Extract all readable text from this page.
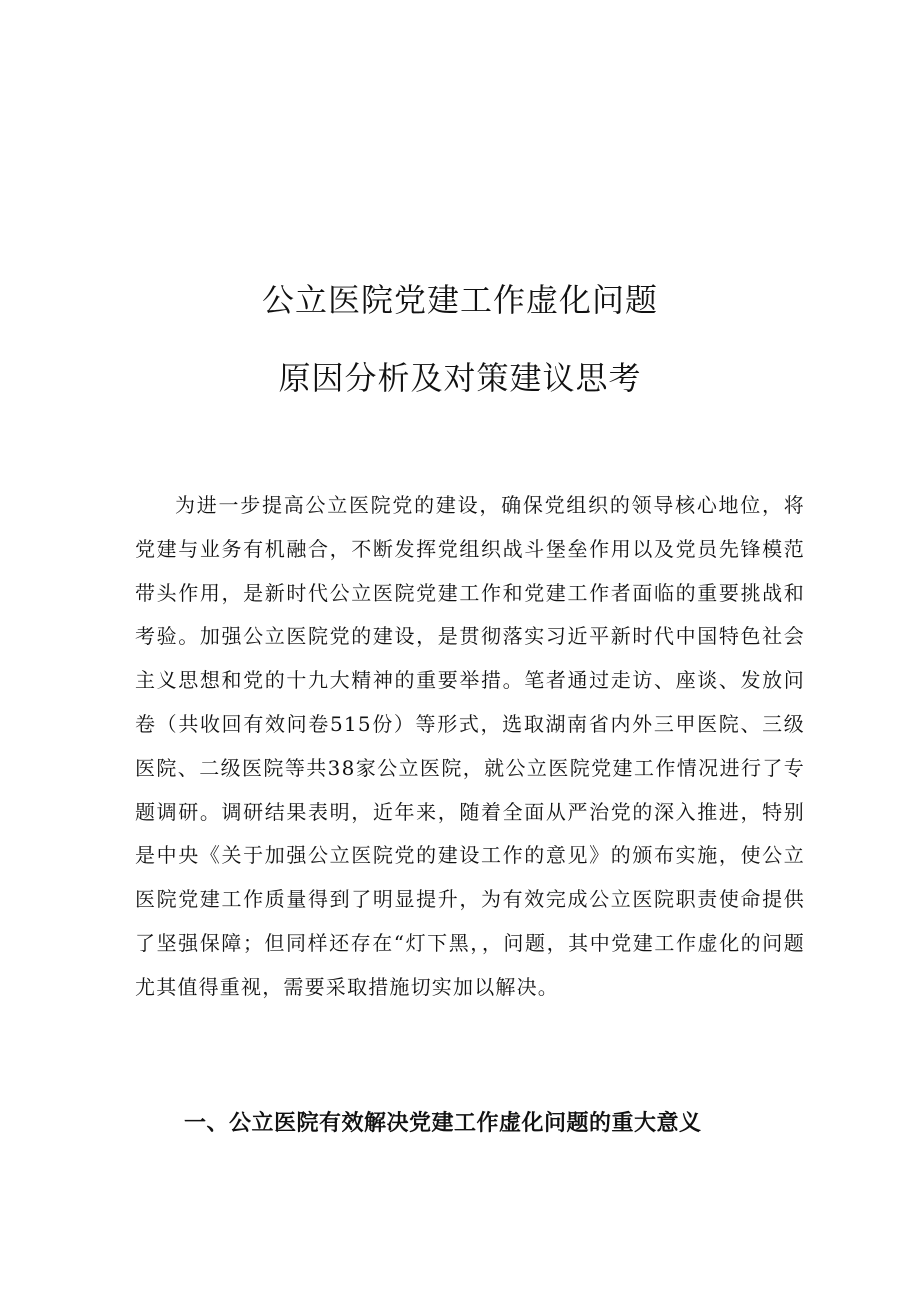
公立医院党建工作虚化问题
原因分析及对策建议思考

为进一步提高公立医院党的建设，确保党组织的领导核心地位，将党建与业务有机融合，不断发挥党组织战斗堡垒作用以及党员先锋模范带头作用，是新时代公立医院党建工作和党建工作者面临的重要挑战和考验。加强公立医院党的建设，是贯彻落实习近平新时代中国特色社会主义思想和党的十九大精神的重要举措。笔者通过走访、座谈、发放问卷（共收回有效问卷515份）等形式，选取湖南省内外三甲医院、三级医院、二级医院等共38家公立医院，就公立医院党建工作情况进行了专题调研。调研结果表明，近年来，随着全面从严治党的深入推进，特别是中央《关于加强公立医院党的建设工作的意见》的颁布实施，使公立医院党建工作质量得到了明显提升，为有效完成公立医院职责使命提供了坚强保障；但同样还存在“灯下黑，，问题，其中党建工作虚化的问题尤其值得重视，需要采取措施切实加以解决。

一、公立医院有效解决党建工作虚化问题的重大意义
